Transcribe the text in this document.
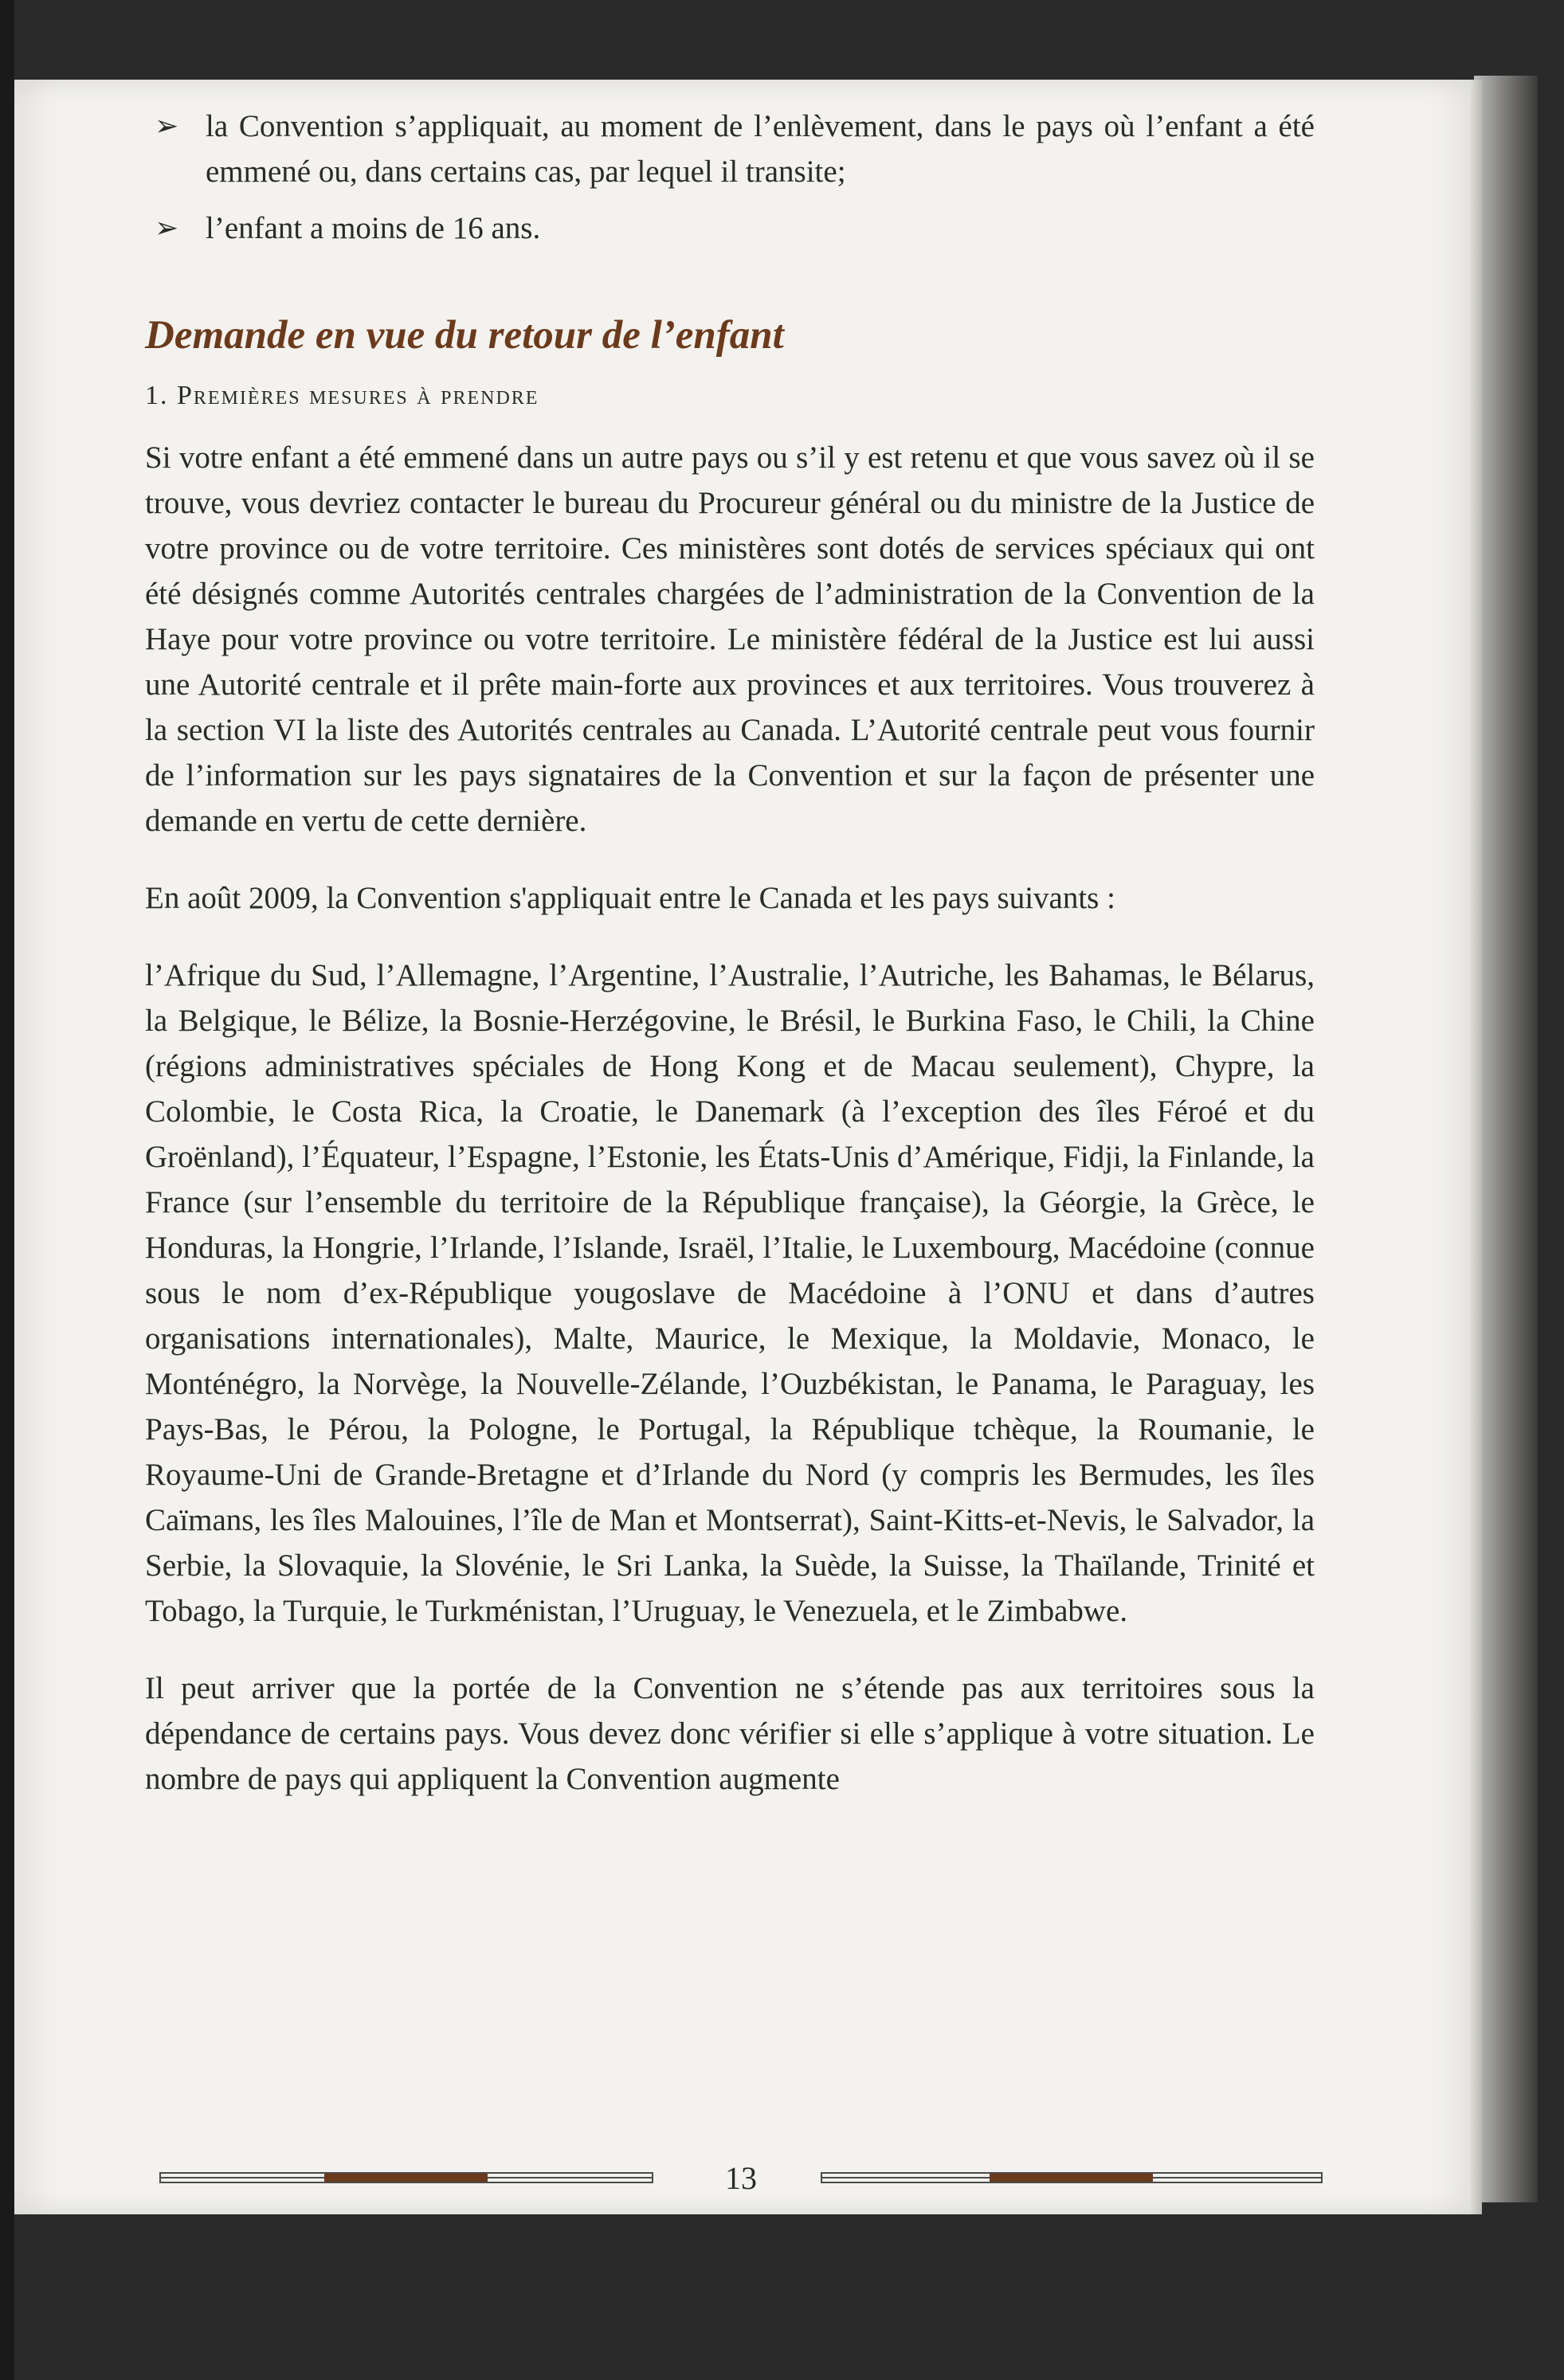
➢ la Convention s’appliquait, au moment de l’enlèvement, dans le pays où l’enfant a été emmené ou, dans certains cas, par lequel il transite;
➢ l’enfant a moins de 16 ans.
Demande en vue du retour de l’enfant
1. Premières mesures à prendre

Si votre enfant a été emmené dans un autre pays ou s’il y est retenu et que vous savez où il se trouve, vous devriez contacter le bureau du Procureur général ou du ministre de la Justice de votre province ou de votre territoire. Ces ministères sont dotés de services spéciaux qui ont été désignés comme Autorités centrales chargées de l’administration de la Convention de la Haye pour votre province ou votre territoire. Le ministère fédéral de la Justice est lui aussi une Autorité centrale et il prête main-forte aux provinces et aux territoires. Vous trouverez à la section VI la liste des Autorités centrales au Canada. L’Autorité centrale peut vous fournir de l’information sur les pays signataires de la Convention et sur la façon de présenter une demande en vertu de cette dernière.

En août 2009, la Convention s'appliquait entre le Canada et les pays suivants :

l’Afrique du Sud, l’Allemagne, l’Argentine, l’Australie, l’Autriche, les Bahamas, le Bélarus, la Belgique, le Bélize, la Bosnie-Herzégovine, le Brésil, le Burkina Faso, le Chili, la Chine (régions administratives spéciales de Hong Kong et de Macau seulement), Chypre, la Colombie, le Costa Rica, la Croatie, le Danemark (à l’exception des îles Féroé et du Groënland), l’Équateur, l’Espagne, l’Estonie, les États-Unis d’Amérique, Fidji, la Finlande, la France (sur l’ensemble du territoire de la République française), la Géorgie, la Grèce, le Honduras, la Hongrie, l’Irlande, l’Islande, Israël, l’Italie, le Luxembourg, Macédoine (connue sous le nom d’ex-République yougoslave de Macédoine à l’ONU et dans d’autres organisations internationales), Malte, Maurice, le Mexique, la Moldavie, Monaco, le Monténégro, la Norvège, la Nouvelle-Zélande, l’Ouzbékistan, le Panama, le Paraguay, les Pays-Bas, le Pérou, la Pologne, le Portugal, la République tchèque, la Roumanie, le Royaume-Uni de Grande-Bretagne et d’Irlande du Nord (y compris les Bermudes, les îles Caïmans, les îles Malouines, l’île de Man et Montserrat), Saint-Kitts-et-Nevis, le Salvador, la Serbie, la Slovaquie, la Slovénie, le Sri Lanka, la Suède, la Suisse, la Thaïlande, Trinité et Tobago, la Turquie, le Turkménistan, l’Uruguay, le Venezuela, et le Zimbabwe.

Il peut arriver que la portée de la Convention ne s’étende pas aux territoires sous la dépendance de certains pays. Vous devez donc vérifier si elle s’applique à votre situation. Le nombre de pays qui appliquent la Convention augmente

13
